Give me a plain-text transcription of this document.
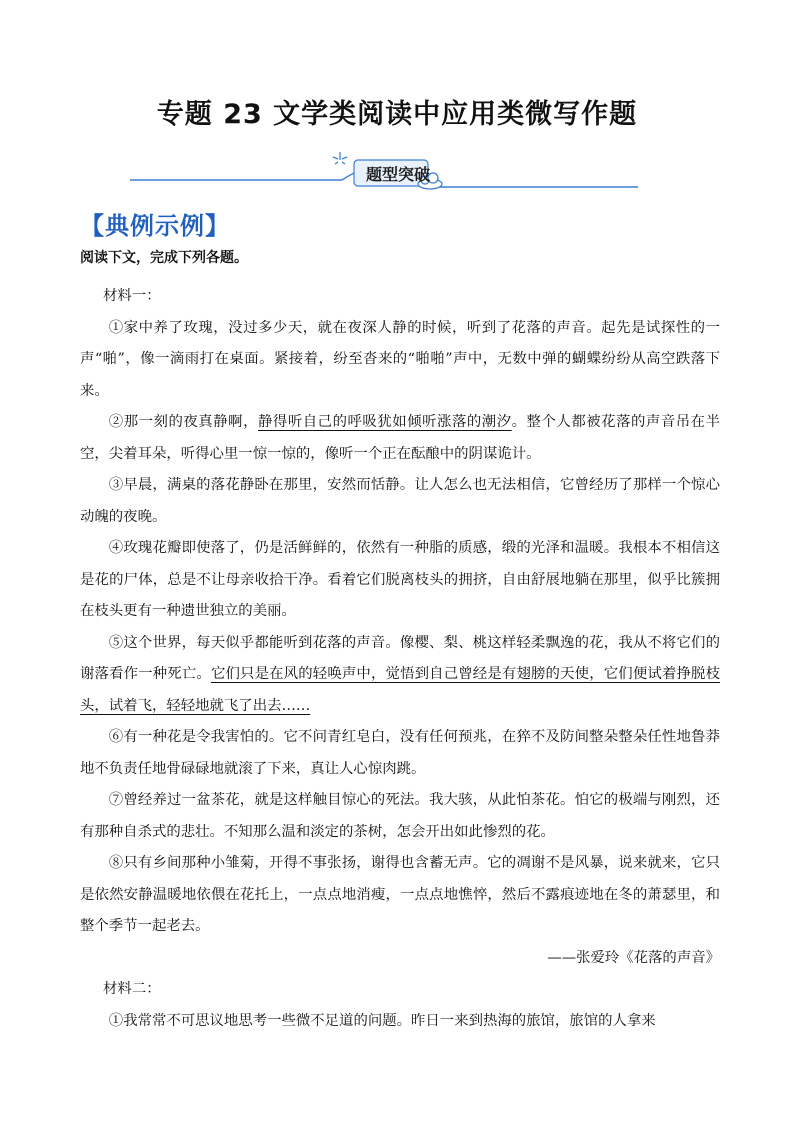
专题 23 文学类阅读中应用类微写作题
题型突破
【典例示例】
阅读下文，完成下列各题。

材料一：

①家中养了玫瑰，没过多少天，就在夜深人静的时候，听到了花落的声音。起先是试探性的一声“啪”，像一滴雨打在桌面。紧接着，纷至沓来的“啪啪”声中，无数中弹的蝴蝶纷纷从高空跌落下来。

②那一刻的夜真静啊，静得听自己的呼吸犹如倾听涨落的潮汐。整个人都被花落的声音吊在半空，尖着耳朵，听得心里一惊一惊的，像听一个正在酝酿中的阴谋诡计。

③早晨，满桌的落花静卧在那里，安然而恬静。让人怎么也无法相信，它曾经历了那样一个惊心动魄的夜晚。

④玫瑰花瓣即使落了，仍是活鲜鲜的，依然有一种脂的质感，缎的光泽和温暖。我根本不相信这是花的尸体，总是不让母亲收拾干净。看着它们脱离枝头的拥挤，自由舒展地躺在那里，似乎比簇拥在枝头更有一种遗世独立的美丽。

⑤这个世界，每天似乎都能听到花落的声音。像樱、梨、桃这样轻柔飘逸的花，我从不将它们的谢落看作一种死亡。它们只是在风的轻唤声中，觉悟到自己曾经是有翅膀的天使，它们便试着挣脱枝头，试着飞，轻轻地就飞了出去……

⑥有一种花是令我害怕的。它不问青红皂白，没有任何预兆，在猝不及防间整朵整朵任性地鲁莽地不负责任地骨碌碌地就滚了下来，真让人心惊肉跳。

⑦曾经养过一盆茶花，就是这样触目惊心的死法。我大骇，从此怕茶花。怕它的极端与刚烈，还有那种自杀式的悲壮。不知那么温和淡定的茶树，怎会开出如此惨烈的花。

⑧只有乡间那种小雏菊，开得不事张扬，谢得也含蓄无声。它的凋谢不是风暴，说来就来，它只是依然安静温暖地依偎在花托上，一点点地消瘦，一点点地憔悴，然后不露痕迹地在冬的萧瑟里，和整个季节一起老去。

——张爱玲《花落的声音》

材料二：

①我常常不可思议地思考一些微不足道的问题。昨日一来到热海的旅馆，旅馆的人拿来
